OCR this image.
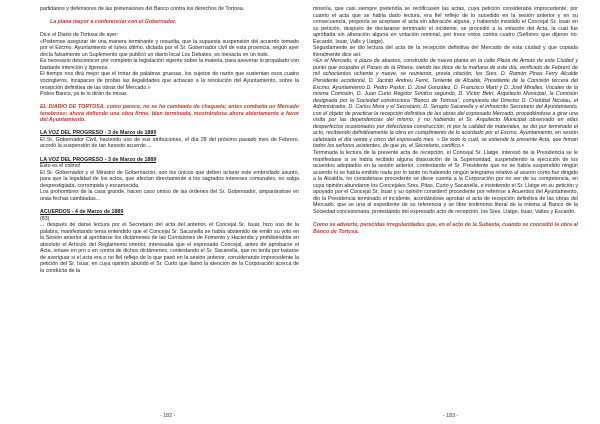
partidarios y defensores de las pretensiones del Banco contra los derechos de Tortosa.

La plana mayor a conferenciar con el Gobernador.

Dice el Diario de Tortosa de ayer:

«Podemos asegurar de una manera terminante y resuelta, que la supuesta suspensión del acuerdo tomado por el Excmo. Ayuntamiento el lunes último, dictada por el Sr. Gobernador civil de esta provincia, según ayer decía falsamente un Suplemento que publicó un diario local Los Debates, es inexacta en un todo.

Es necesario desconocer por completo la legislación vigente sobre la materia, para aseverar lo propalado con bastante intención y ligereza.

El tiempo nos dirá mejor que el trotar de palabras gruesas, los sujetos de razón que sustentan esos cuatro vocingleros, incapaces de probar las ilegalidades que achacan a la resolución del Ayuntamiento, sobre la recepción definitiva de las obras del Mercado.»

Pobre Banco, ya te lo dirán de misas.

EL DIARIO DE TORTOSA, como parece, no se ha cambiado de chaqueta; antes combatía un Mercado tenebroso; ahora defiende una obra firme, bien terminada, mostrándose ahora abiertamente a favor del Ayuntamiento.

LA VOZ DEL PROGRESO - 3 de Marzo de 1889

El Sr. Gobernador Civil, haciendo uso de sus atribuciones, el día 28 del próximo pasado mes de Febrero, acordó la suspensión de tan funesto acuerdo....

LA VOZ DEL PROGRESO - 3 de Marzo de 1889

Esto es el colmo!

El Sr. Gobernador y el Ministro de Gobernación, son los únicos que deben aclarar este embrollado asunto, para que la legalidad de los actos, que afectan directamente a los sagrados intereses comunales, no salga desprestigiada, corrompida y escarnecida.

Los prohombres de la casa grande, hacen caso omiso de las órdenes del Sr. Gobernador, amparándose en unas fechas cambiadas...

ACUERDOS - 4 de Marzo de 1889

(83)

... después de darse lectura por el Secretario del acta del anterior, el Concejal Sr. Isuar, hizo uso de la palabra, manifestando tenía entendido que el Concejal Sr. Sacanella se había abstenido de emitir su voto en la Sesión anterior al aprobarse los dictámenes de las Comisiones de Fomento y Hacienda y prohibiéndole en absoluto el Artículo del Reglamento interior, interesaba que el expresado Concejal, antes de aprobarse el Acta, votase en pro o en contra de dichos dictámenes, contestando el Sr. Sacanella, que no tenía por tratarse de averiguar si el acta era o no fiel reflejo de lo que pasó en la sesión anterior, considerando improcedente la petición del Sr. Isuar, en cuya opinión abundó el Sr. Curto que llamó la atención de la Corporación acerca de la conducta de la

minoría, que casi siempre pretendía se rectificasen las actas, cuya petición consideraba improcedente, por cuanto el acta que se había dado lectura, era fiel reflejo de lo sucedido en la sesión anterior y en su consecuencia, proponía se aceptase el acta sin alteración alguna, y habiendo insistido el Concejal Sr. Isuar en su petición, después de declararse terminado el incidente, se procedió a la votación del Acta, la cual fue aprobada sin alteración alguna en votación nominal, por trece votos contra cuatro (Señores que dijeron no: Escardó, Isuar, Valls y Llatge).

Seguidamente se dio lectura del acta de la recepción definitiva del Mercado de esta ciudad y que copiada literalmente dice así:

«En el Mercado, o plaza de abastos, construido de nueva planta en la calle Plaza de Armas de esta Ciudad y punto que ocupaba el Paseo de la Ribera, siendo las doce de la mañana de este día, verificado de Febrero de mil ochocientos ochenta y nueve, se reunieron, previa citación, los Sres. D. Ramón Pinas Ferry Alcalde Presidente accidental, D. Jacinto Andreu Ferré, Teniente de Alcalde, Presidente de la Comisión tercera del Excmo. Ayuntamiento D. Pedro Pastor, D. José González, D. Francisco Martí y D. José Miralles, Vocales de la misma Comisión, D. Juan Curto Regidor Síndico segundo, D. Víctor Betrí, Arquitecto Municipal, la Comisión designada por la Sociedad constructora "Banco de Tortosa", compuesta del Director D. Cristóbal Nicolau, el Administrador, D. Carlos Mora y el Secretario, D. Serapio Sacanella y el infrascrito Secretario del Ayuntamiento, con el objeto de practicar la recepción definitiva de las obras del expresado Mercado, procediéndose a girar una visita por las dependencias del mismo, y no habiendo el Sr. Arquitecto Municipal observado en ellas desperfectos ocasionados por defectuosa construcción, ni por la calidad de materiales, se dio por terminado el acto, recibiendo definitivamente la obra en cumplimiento de lo acordado por el Excmo. Ayuntamiento, en sesión celebrada el día veinte y cinco del expresado mes. » De todo lo cual, se extiende la presente Acta, que firman todos los señores asistentes, de que yo, el Secretario, certifico.»

Terminada la lectura de la presente acta de recepción, el Concejal Sr. Llatge, interesó de la Presidencia se le manifestase si se había recibido alguna disposición de la Superioridad, suspendiendo la ejecución de los acuerdos adoptados en la sesión anterior, contestando el Sr. Presidente que no se había suspendido ningún acuerdo ni se había emitido nada por lo tanto no habiendo ningún telegrama relativo al asunto como fue dirigido a la Alcaldía, no considerase procedente se diese cuenta a la Corporación por no ser de su competencia, en cuya opinión abundaron los Concejales Sres. Pitas, Curto y Sacanella, e insistiendo el Sr. Llatge en su petición y apoyado por el Concejal Sr. Isuar y su opinión consideró procedente por referirse a Acuerdos del Ayuntamiento, dio la Presidencia terminado el incidente, acordándose aprobar el acta de recepción definitiva de las obras del Mercado, que se una al expediente de su referencia y se libre testimonio literal de la misma al Banco de la Sociedad concesionaria, protestando del expresado acto de recepción, los Sres. Llatge, Isuar, Valles y Escardó.

Como se advierte, parecidas irregularidades que, en el acto de la Subasta, cuando se concedió la obra al Banco de Tortosa.

- 182 -	- 183 -
